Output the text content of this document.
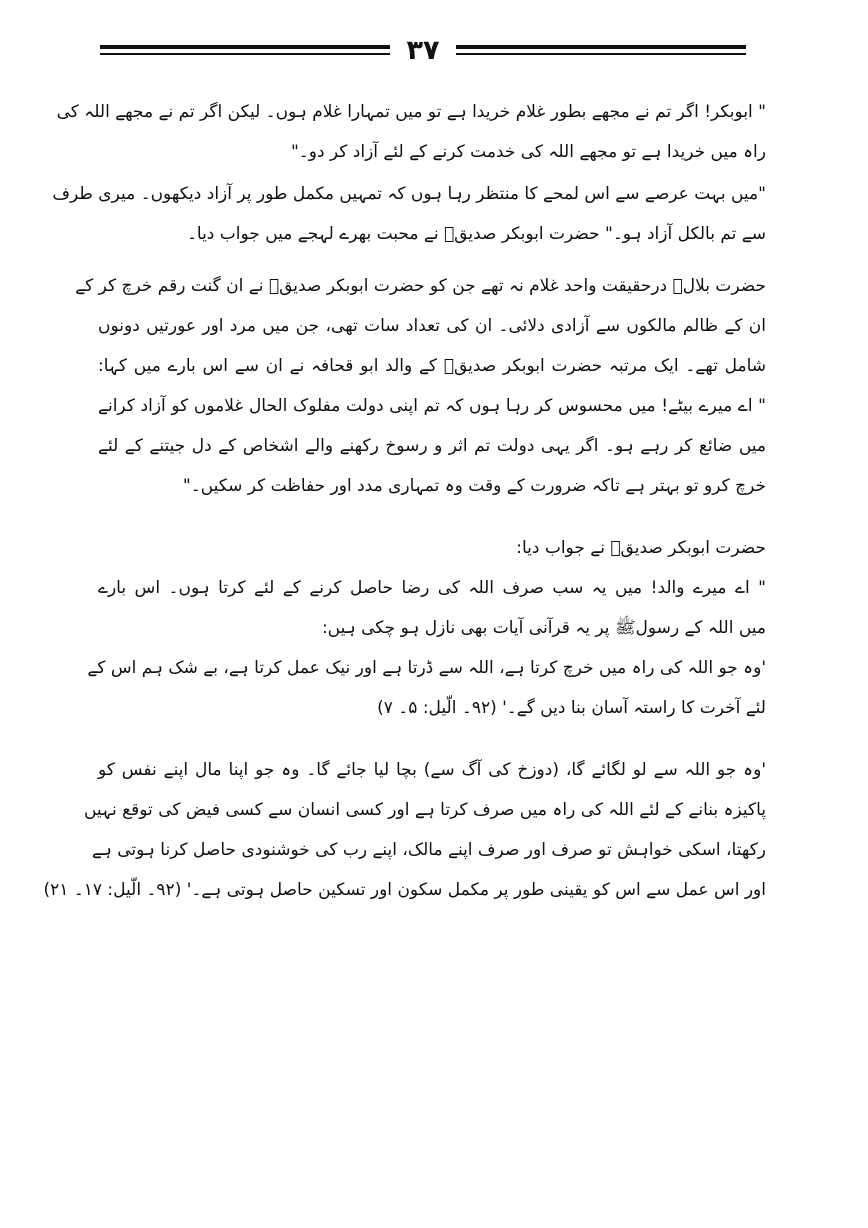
۳۷
" ابوبکر! اگر تم نے مجھے بطور غلام خریدا ہے تو میں تمہارا غلام ہوں۔ لیکن اگر تم نے مجھے اللہ کی
راہ میں خریدا ہے تو مجھے اللہ کی خدمت کرنے کے لئے آزاد کر دو۔"
"میں بہت عرصے سے اس لمحے کا منتظر رہا ہوں کہ تمہیں مکمل طور پر آزاد دیکھوں۔ میری طرف
سے تم بالکل آزاد ہو۔" حضرت ابوبکر صدیقؓ نے محبت بھرے لہجے میں جواب دیا۔
حضرت بلالؓ درحقیقت واحد غلام نہ تھے جن کو حضرت ابوبکر صدیقؓ نے ان گنت رقم خرچ کر کے
ان کے ظالم مالکوں سے آزادی دلائی۔ ان کی تعداد سات تھی، جن میں مرد اور عورتیں دونوں
شامل تھے۔ ایک مرتبہ حضرت ابوبکر صدیقؓ کے والد ابو قحافہ نے ان سے اس بارے میں کہا:
" اے میرے بیٹے! میں محسوس کر رہا ہوں کہ تم اپنی دولت مفلوک الحال غلاموں کو آزاد کرانے
میں ضائع کر رہے ہو۔ اگر یہی دولت تم اثر و رسوخ رکھنے والے اشخاص کے دل جیتنے کے لئے
خرچ کرو تو بہتر ہے تاکہ ضرورت کے وقت وہ تمہاری مدد اور حفاظت کر سکیں۔"
حضرت ابوبکر صدیقؓ نے جواب دیا:
" اے میرے والد! میں یہ سب صرف اللہ کی رضا حاصل کرنے کے لئے کرتا ہوں۔ اس بارے
میں اللہ کے رسولﷺ پر یہ قرآنی آیات بھی نازل ہو چکی ہیں:
'وہ جو اللہ کی راہ میں خرچ کرتا ہے، اللہ سے ڈرتا ہے اور نیک عمل کرتا ہے، بے شک ہم اس کے
لئے آخرت کا راستہ آسان بنا دیں گے۔' (۹۲۔ الّیل: ۵۔ ۷)
'وہ جو اللہ سے لو لگائے گا، (دوزخ کی آگ سے) بچا لیا جائے گا۔ وہ جو اپنا مال اپنے نفس کو
پاکیزہ بنانے کے لئے اللہ کی راہ میں صرف کرتا ہے اور کسی انسان سے کسی فیض کی توقع نہیں
رکھتا، اسکی خواہش تو صرف اور صرف اپنے مالک، اپنے رب کی خوشنودی حاصل کرنا ہوتی ہے
اور اس عمل سے اس کو یقینی طور پر مکمل سکون اور تسکین حاصل ہوتی ہے۔' (۹۲۔ الّیل: ۱۷۔ ۲۱)
